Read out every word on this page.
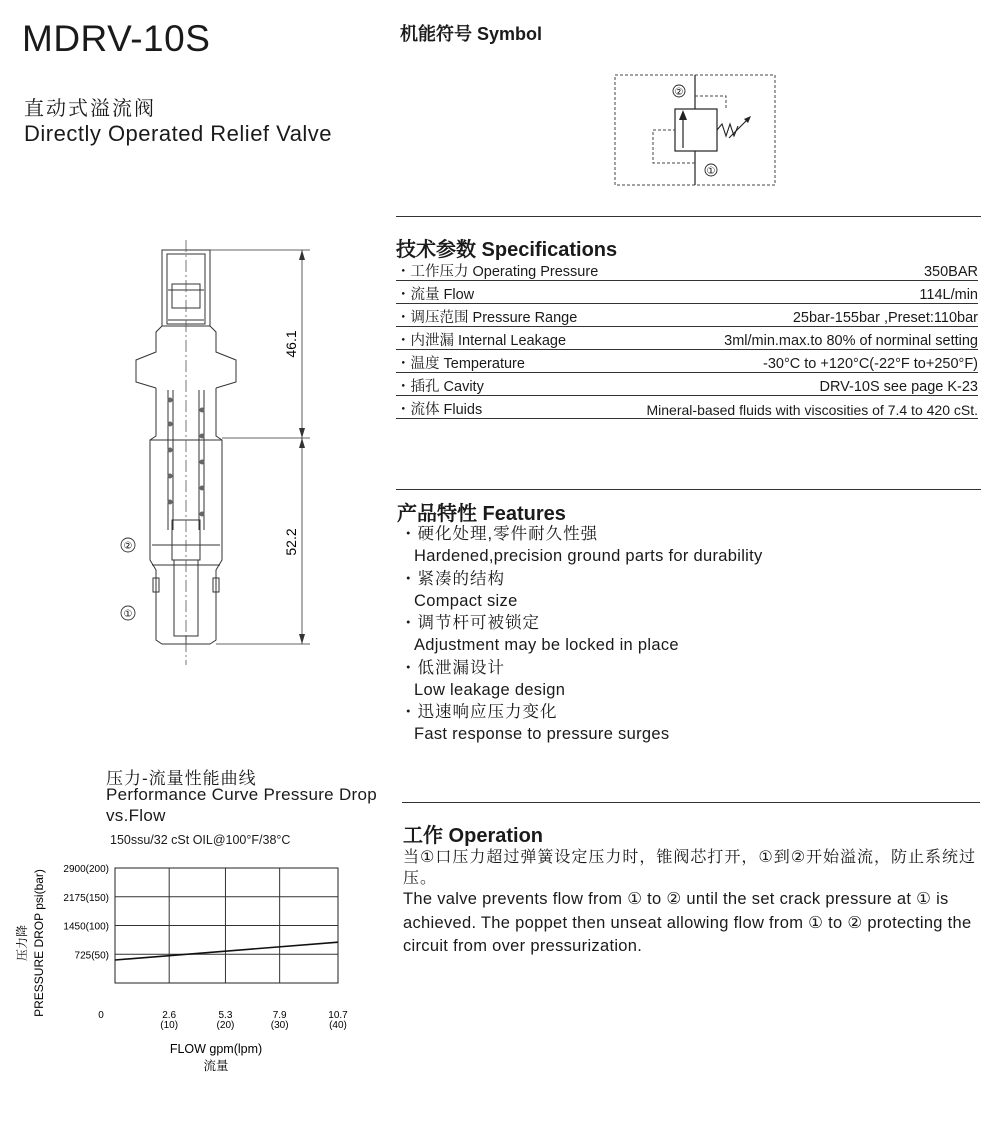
MDRV-10S
直动式溢流阀
Directly Operated Relief Valve
机能符号 Symbol
②
①
46.1
52.2
②
①
技术参数 Specifications
・工作压力 Operating Pressure	350BAR
・流量 Flow	114L/min
・调压范围 Pressure Range	25bar-155bar ,Preset:110bar
・内泄漏 Internal Leakage	3ml/min.max.to 80% of norminal setting
・温度 Temperature	-30°C to +120°C(-22°F to+250°F)
・插孔 Cavity	DRV-10S see page K-23
・流体 Fluids	Mineral-based fluids with viscosities of 7.4 to 420 cSt.
产品特性 Features
・硬化处理,零件耐久性强
Hardened,precision ground parts for durability
・紧凑的结构
Compact size
・调节杆可被锁定
Adjustment may be locked in place
・低泄漏设计
Low leakage design
・迅速响应压力变化
Fast response to pressure surges
工作 Operation
当①口压力超过弹簧设定压力时，锥阀芯打开，①到②开始溢流，防止系统过压。
The valve prevents flow from ① to ② until the set crack pressure at ① is achieved. The poppet then unseat allowing flow from ① to ② protecting the circuit from over pressurization.
压力-流量性能曲线
Performance Curve Pressure Drop vs.Flow
150ssu/32 cSt OIL@100°F/38°C
725(50)
1450(100)
2175(150)
2900(200)
0	2.6
(10)
5.3
(20)
7.9
(30)
10.7
(40)
压力降 PRESSURE DROP psi(bar)
FLOW gpm(lpm)
流量
